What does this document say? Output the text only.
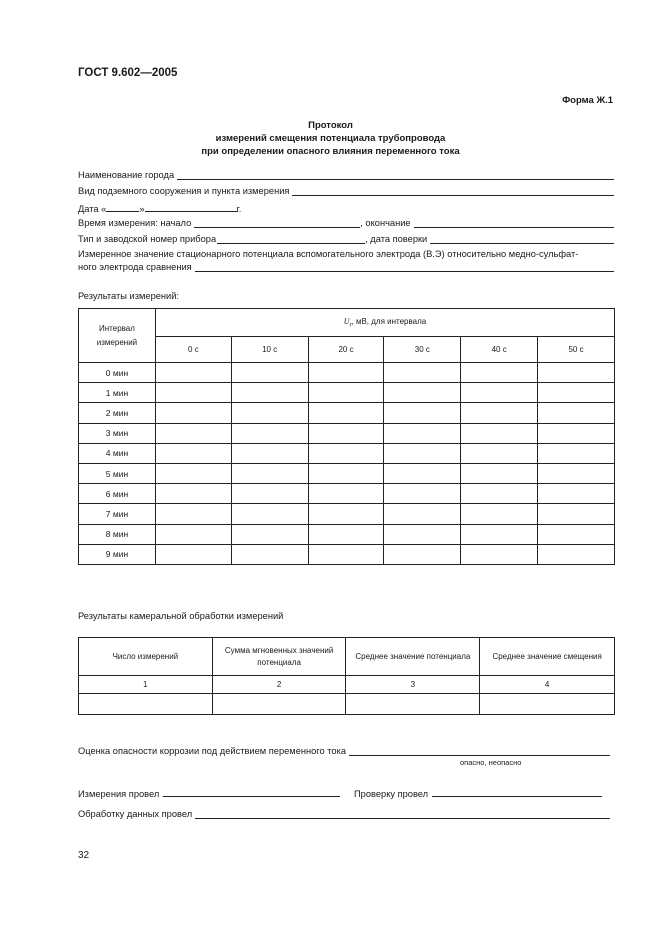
ГОСТ 9.602—2005
Форма Ж.1
Протокол
измерений смещения потенциала трубопровода
при определении опасного влияния переменного тока
Наименование города
Вид подземного сооружения и пункта измерения
Дата «	»	г.
Время измерения: начало	, окончание
Тип и заводской номер прибора	, дата поверки
Измеренное значение стационарного потенциала вспомогательного электрода (В.Э) относительно медно-сульфат-
ного электрода сравнения
Результаты измерений:
Интервал измерений	$U_r$, мВ, для интервала					
	0 с	10 с	20 с	30 с	40 с	50 с
0 мин						
1 мин						
2 мин						
3 мин						
4 мин						
5 мин						
6 мин						
7 мин						
8 мин						
9 мин						
Результаты камеральной обработки измерений
Число измерений	Сумма мгновенных значений потенциала	Среднее значение потенциала	Среднее значение смещения
1	2	3	4

Оценка опасности коррозии под действием переменного тока
опасно, неопасно
Измерения провел	Проверку провел
Обработку данных провел
32
